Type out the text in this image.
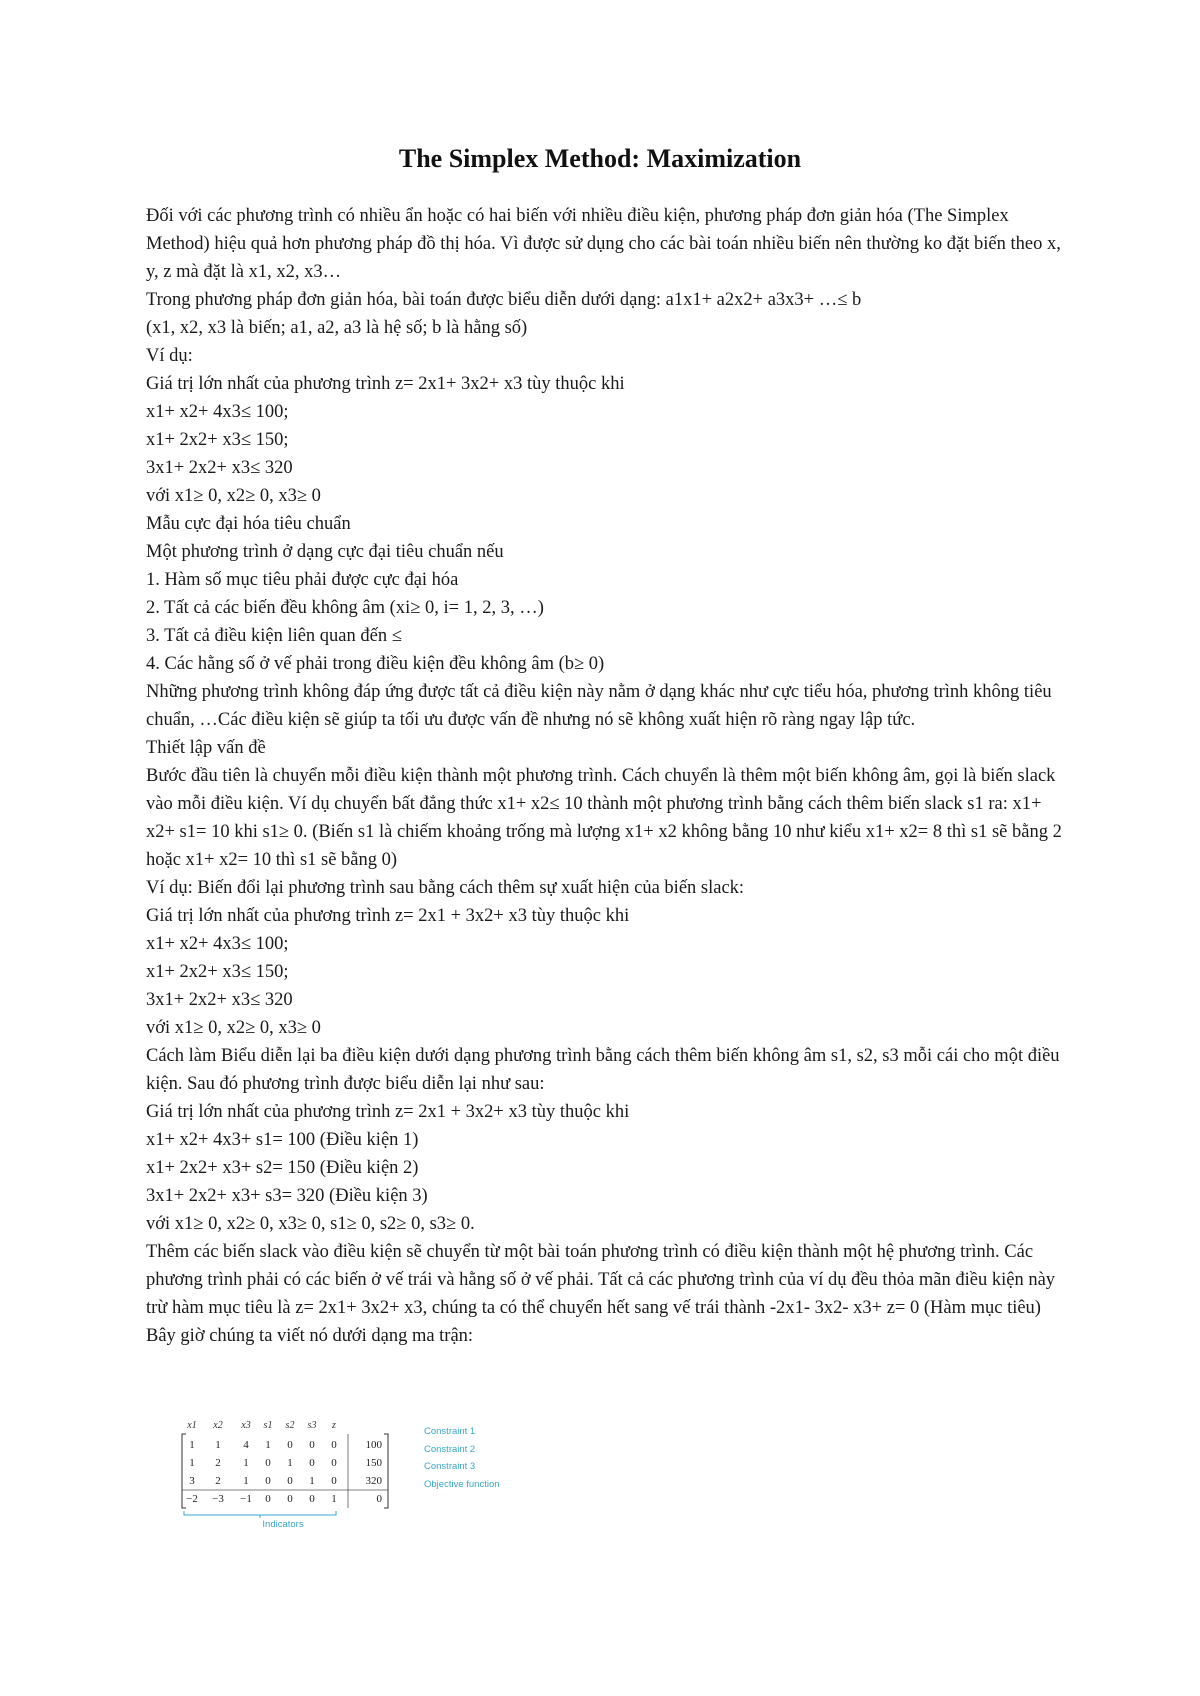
The Simplex Method: Maximization

Đối với các phương trình có nhiều ẩn hoặc có hai biến với nhiều điều kiện, phương pháp đơn giản hóa (The Simplex Method) hiệu quả hơn phương pháp đồ thị hóa. Vì được sử dụng cho các bài toán nhiều biến nên thường ko đặt biến theo x, y, z mà đặt là x1, x2, x3…

Trong phương pháp đơn giản hóa, bài toán được biểu diễn dưới dạng: a1x1+ a2x2+ a3x3+ …≤ b

(x1, x2, x3 là biến; a1, a2, a3 là hệ số; b là hằng số)

Ví dụ:

Giá trị lớn nhất của phương trình z= 2x1+ 3x2+ x3 tùy thuộc khi

x1+ x2+ 4x3≤ 100;

x1+ 2x2+ x3≤ 150;

3x1+ 2x2+ x3≤ 320

với x1≥ 0, x2≥ 0, x3≥ 0

Mẫu cực đại hóa tiêu chuẩn

Một phương trình ở dạng cực đại tiêu chuẩn nếu

1. Hàm số mục tiêu phải được cực đại hóa

2. Tất cả các biến đều không âm (xi≥ 0, i= 1, 2, 3, …)

3. Tất cả điều kiện liên quan đến ≤

4. Các hằng số ở vế phải trong điều kiện đều không âm (b≥ 0)

Những phương trình không đáp ứng được tất cả điều kiện này nằm ở dạng khác như cực tiểu hóa, phương trình không tiêu chuẩn, …Các điều kiện sẽ giúp ta tối ưu được vấn đề nhưng nó sẽ không xuất hiện rõ ràng ngay lập tức.

Thiết lập vấn đề

Bước đầu tiên là chuyển mỗi điều kiện thành một phương trình. Cách chuyển là thêm một biến không âm, gọi là biến slack vào mỗi điều kiện. Ví dụ chuyển bất đẳng thức x1+ x2≤ 10 thành một phương trình bằng cách thêm biến slack s1 ra: x1+ x2+ s1= 10 khi s1≥ 0. (Biến s1 là chiếm khoảng trống mà lượng x1+ x2 không bằng 10 như kiểu x1+ x2= 8 thì s1 sẽ bằng 2 hoặc x1+ x2= 10 thì s1 sẽ bằng 0)

Ví dụ: Biến đổi lại phương trình sau bằng cách thêm sự xuất hiện của biến slack:

Giá trị lớn nhất của phương trình z= 2x1 + 3x2+ x3 tùy thuộc khi

x1+ x2+ 4x3≤ 100;

x1+ 2x2+ x3≤ 150;

3x1+ 2x2+ x3≤ 320

với x1≥ 0, x2≥ 0, x3≥ 0

Cách làm Biểu diễn lại ba điều kiện dưới dạng phương trình bằng cách thêm biến không âm s1, s2, s3 mỗi cái cho một điều kiện. Sau đó phương trình được biểu diễn lại như sau:

Giá trị lớn nhất của phương trình z= 2x1 + 3x2+ x3 tùy thuộc khi

x1+ x2+ 4x3+ s1= 100 (Điều kiện 1)

x1+ 2x2+ x3+ s2= 150 (Điều kiện 2)

3x1+ 2x2+ x3+ s3= 320 (Điều kiện 3)

với x1≥ 0, x2≥ 0, x3≥ 0, s1≥ 0, s2≥ 0, s3≥ 0.

Thêm các biến slack vào điều kiện sẽ chuyển từ một bài toán phương trình có điều kiện thành một hệ phương trình. Các phương trình phải có các biến ở vế trái và hằng số ở vế phải. Tất cả các phương trình của ví dụ đều thỏa mãn điều kiện này trừ hàm mục tiêu là z= 2x1+ 3x2+ x3, chúng ta có thể chuyển hết sang vế trái thành -2x1- 3x2- x3+ z= 0 (Hàm mục tiêu)

Bây giờ chúng ta viết nó dưới dạng ma trận:

x1 x2 x3 s1 s2 s3 z
1 1 4 1 0 0 0	100
1 2 1 0 1 0 0	150
3 2 1 0 0 1 0	320
−2 −3 −1 0 0 0 1	0
Constraint 1
Constraint 2
Constraint 3
Objective function
Indicators
